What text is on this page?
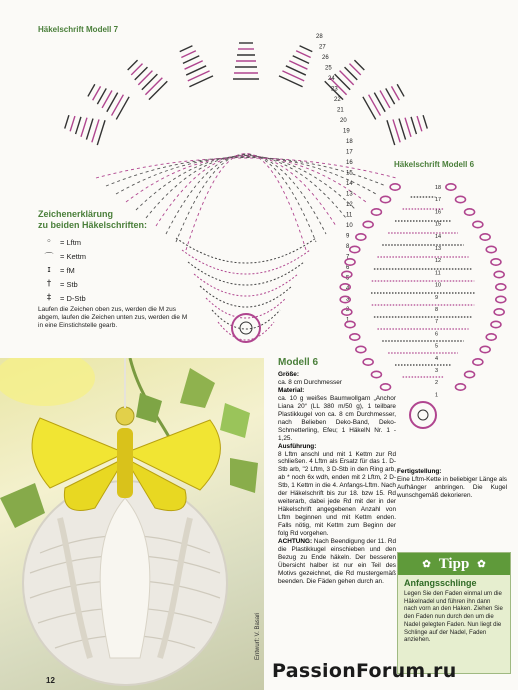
Häkelschrift Modell 7
28
27
26
25
24
23
22
21
20
19
18
17
16
15
14
13
12
11
10
9
8
7
6
5
4
3
2
1
Häkelschrift Modell 6
18
17
16
15
14
13
12
11
10
9
8
7
6
5
4
3
2
1
Zeichenerklärung
zu beiden Häkelschriften:
◦	= Lftm
⌒ = Kettm
ɪ	= fM
†	= Stb
‡	= D-Stb
Laufen die Zeichen oben zus, werden die M zus abgem, laufen die Zeichen unten zus, werden die M in eine Einstichstelle gearb.
12
Entwurf: V. Basari
Modell 6
Größe:
ca. 8 cm Durchmesser
Material:
ca. 10 g weißes Baumwollgarn „Anchor Liana 20“ (LL 380 m/50 g), 1 teilbare Plastikkugel von ca. 8 cm Durchmesser, nach Belieben Deko-Band, Deko-Schmetterling, Efeu; 1 HäkelN Nr. 1 - 1,25.
Ausführung:
8 Lftm anschl und mit 1 Kettm zur Rd schließen. 4 Lftm als Ersatz für das 1. D-Stb arb, "2 Lftm, 3 D-Stb in den Ring arb, ab * noch 6x wdh, enden mit 2 Lftm, 2 D-Stb, 1 Kettm in die 4. Anfangs-Lftm. Nach der Häkelschrift bis zur 18. bzw 15. Rd weiterarb, dabei jede Rd mit der in der Häkelschrift angegebenen Anzahl von Lftm beginnen und mit Kettm enden. Falls nötig, mit Kettm zum Beginn der folg Rd vorgehen.
ACHTUNG: Nach Beendigung der 11. Rd die Plastikkugel einschieben und den Bezug zu Ende häkeln. Der besseren Übersicht halber ist nur ein Teil des Motivs gezeichnet, die Rd mustergemäß beenden. Die Fäden gehen durch an.
Fertigstellung:
Eine Lftm-Kette in beliebiger Länge als Aufhänger anbringen. Die Kugel wunschgemäß dekorieren.
✿ Tipp ✿
Anfangsschlinge
Legen Sie den Faden einmal um die Häkelnadel und führen ihn dann nach vorn an den Haken. Ziehen Sie den Faden nun durch den um die Nadel gelegten Faden. Nun liegt die Schlinge auf der Nadel, Faden anziehen.
PassionForum.ru
